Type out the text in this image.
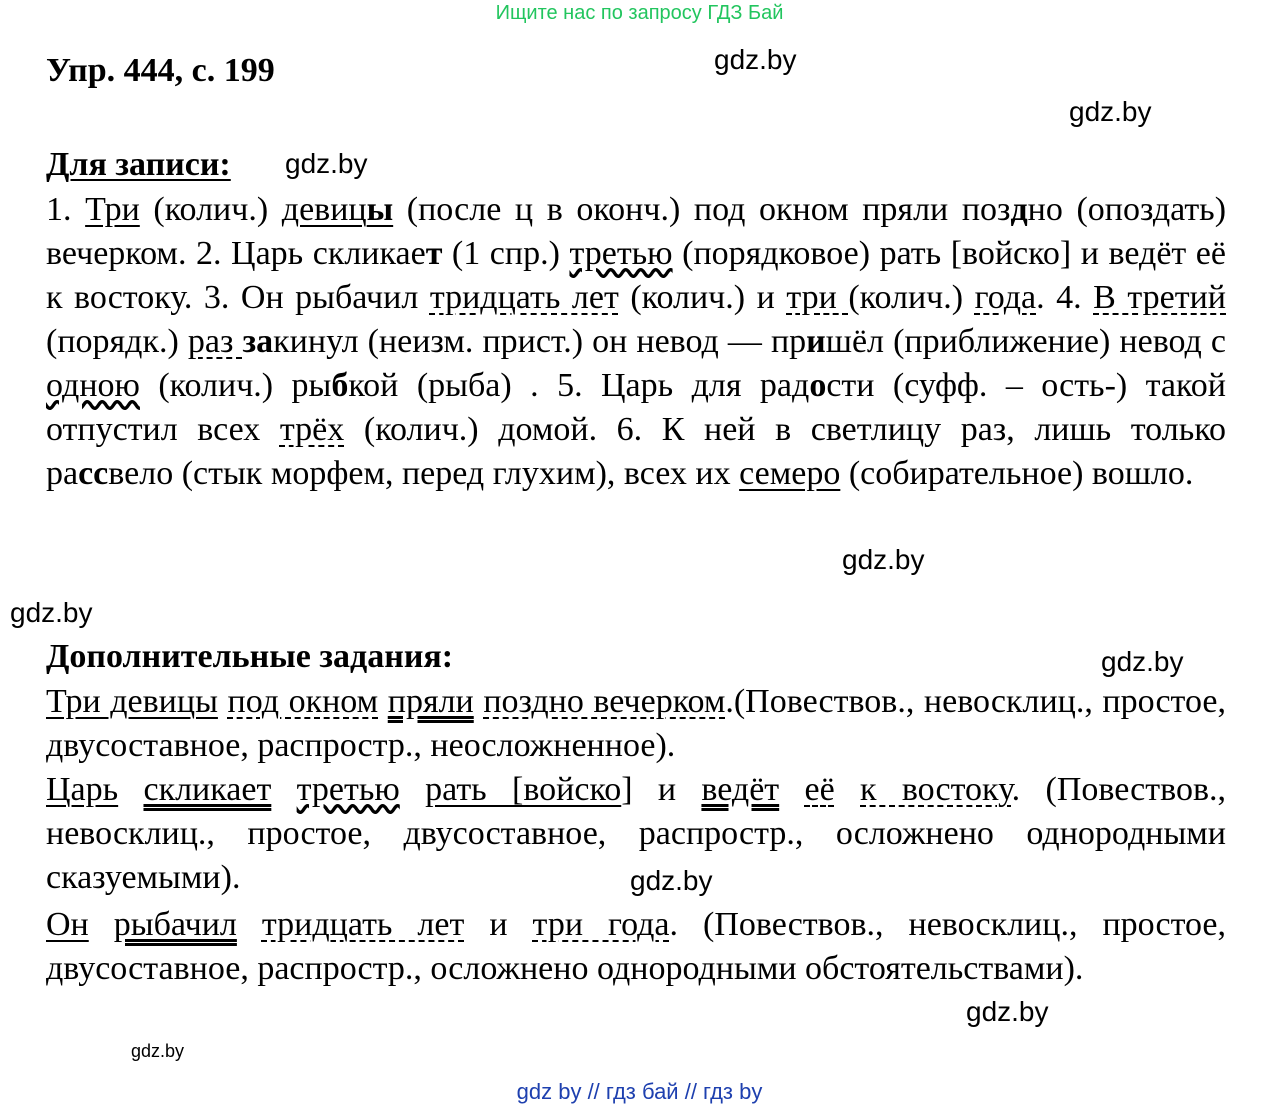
Ищите нас по запросу ГДЗ Бай
Упр. 444, с. 199	gdz.by
gdz.by
gdz.by
gdz.by
gdz.by
gdz.by
gdz.by
gdz.by
gdz.by
Для записи:

1. Три (колич.) девицы (после ц в оконч.) под окном пряли поздно (опоздать) вечерком. 2. Царь скликает (1 спр.) третью (порядковое) рать [войско] и ведёт её к востоку. 3. Он рыбачил тридцать лет (колич.) и три (колич.) года. 4. В третий (порядк.) раз закинул (неизм. прист.) он невод — пришёл (приближение) невод с одною (колич.) рыбкой (рыба) . 5. Царь для радости (суфф. – ость-) такой отпустил всех трёх (колич.) домой. 6. К ней в светлицу раз, лишь только рассвело (стык морфем, перед глухим), всех их семеро (собирательное) вошло.

Дополнительные задания:

Три девицы под окном пряли поздно вечерком.(Повествов., невосклиц., простое, двусоставное, распростр., неосложненное).

Царь скликает третью рать [войско] и ведёт её к востоку. (Повествов., невосклиц., простое, двусоставное, распростр., осложнено однородными сказуемыми).

Он рыбачил тридцать лет и три года. (Повествов., невосклиц., простое, двусоставное, распростр., осложнено однородными обстоятельствами).

gdz by // гдз бай // гдз by
